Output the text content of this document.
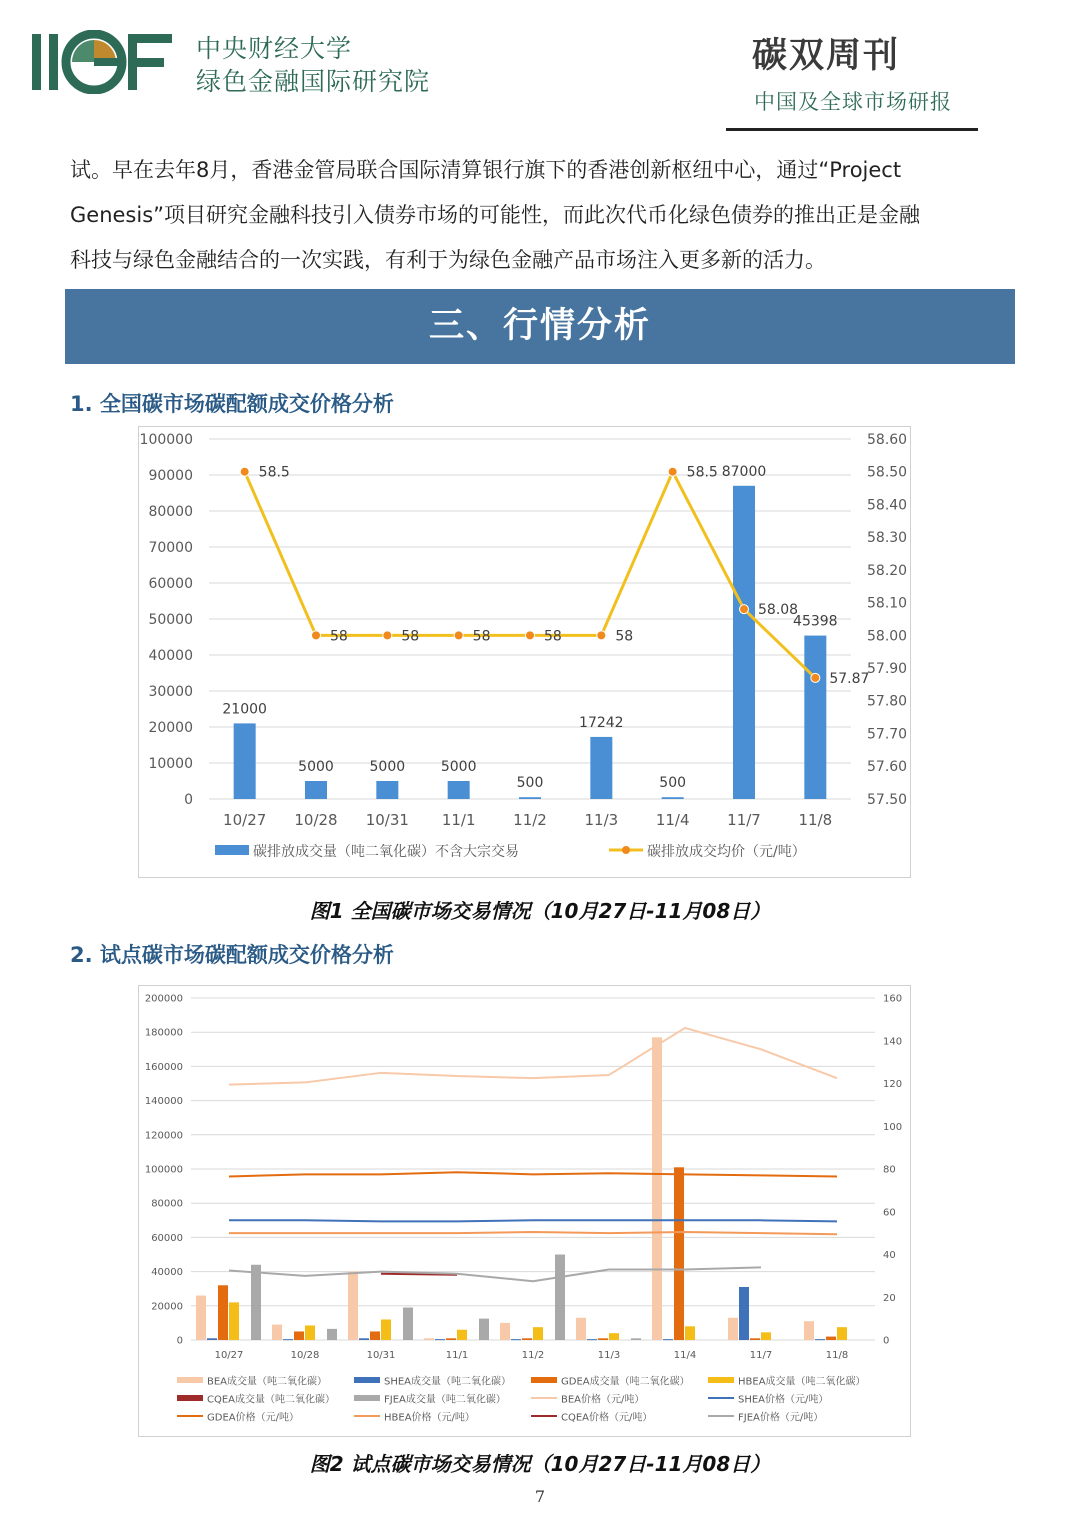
中央财经大学
绿色金融国际研究院
碳双周刊
中国及全球市场研报
试。早在去年8月，香港金管局联合国际清算银行旗下的香港创新枢纽中心，通过“Project
Genesis”项目研究金融科技引入债券市场的可能性，而此次代币化绿色债券的推出正是金融
科技与绿色金融结合的一次实践，有利于为绿色金融产品市场注入更多新的活力。
三、行情分析
1. 全国碳市场碳配额成交价格分析
100000
90000
80000
70000
60000
50000
40000
30000
20000
10000
0
58.60
58.50
58.40
58.30
58.20
58.10
58.00
57.90
57.80
57.70
57.60
57.50
10/27 10/28 10/31 11/1	11/2	11/3	11/4	11/7	11/8
21000
5000	5000	5000
500
17242
500
87000
45398
58.5
58	58	58	58	58
58.5
58.08
57.87
碳排放成交量（吨二氧化碳）不含大宗交易	碳排放成交均价（元/吨）
图1 全国碳市场交易情况（10月27日-11月08日）
2. 试点碳市场碳配额成交价格分析
200000
180000
160000
140000
120000
100000
80000
60000
40000
20000
0
160
140
120
100
80
60
40
20
0
10/27	10/28	10/31	11/1	11/2	11/3	11/4	11/7	11/8
BEA成交量（吨二氧化碳）	SHEA成交量（吨二氧化碳）	GDEA成交量（吨二氧化碳）	HBEA成交量（吨二氧化碳）
CQEA成交量（吨二氧化碳）	FJEA成交量（吨二氧化碳）	BEA价格（元/吨）	SHEA价格（元/吨）
GDEA价格（元/吨）	HBEA价格（元/吨）	CQEA价格（元/吨）	FJEA价格（元/吨）
图2 试点碳市场交易情况（10月27日-11月08日）
7
